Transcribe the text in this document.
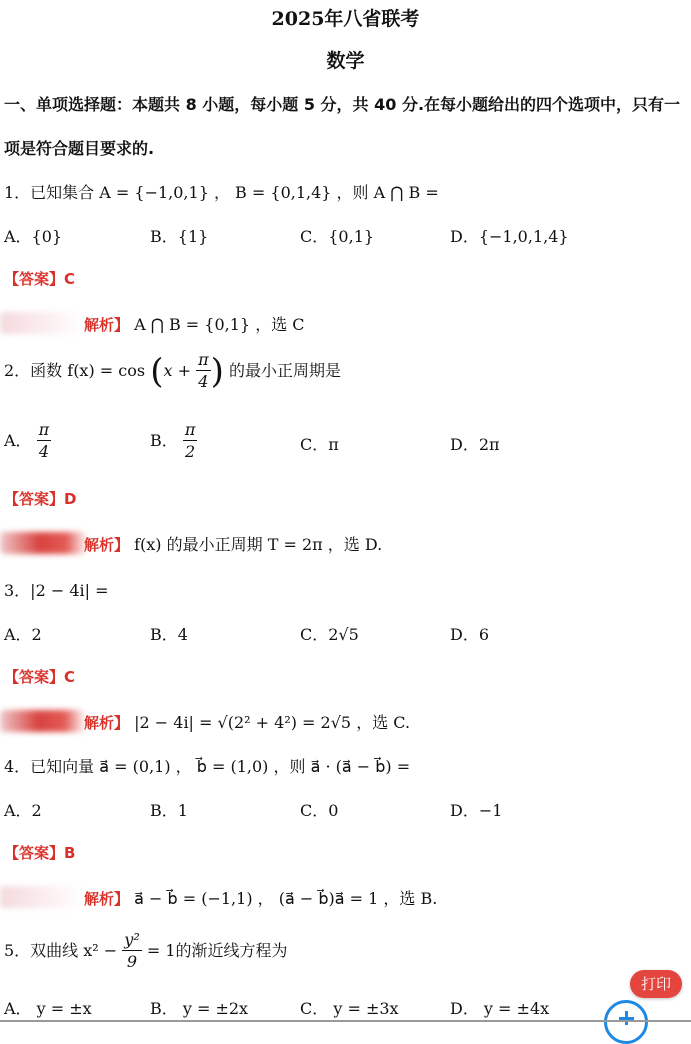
2025年八省联考
数学
一、单项选择题：本题共 8 小题，每小题 5 分，共 40 分.在每小题给出的四个选项中，只有一
项是符合题目要求的.
1．已知集合 A = {−1,0,1} ， B = {0,1,4} ，则 A ⋂ B =
A．{0}	B．{1}	C．{0,1}	D．{−1,0,1,4}
【答案】C
解析】 A ⋂ B = {0,1} ，选 C
2．函数 $f(x) = \cos (x + \frac{\pi}{4}$ ) 的最小正周期是
A． $\frac{\pi}{4}$	B． $\frac{\pi}{2}$	C．π	D．2π
【答案】D
解析】 f(x) 的最小正周期 T = 2π ，选 D.
3．|2 − 4i| =
A．2	B．4	C．2√5	D．6
【答案】C
解析】 |2 − 4i| = √(2² + 4²) = 2√5 ，选 C.
4．已知向量 a⃗ = (0,1) ， b⃗ = (1,0) ，则 a⃗ · (a⃗ − b⃗) =
A．2	B．1	C．0	D．−1
【答案】B
解析】 a⃗ − b⃗ = (−1,1) ， (a⃗ − b⃗)a⃗ = 1 ，选 B.
5．双曲线 $x^2 - \frac{\text{y²}}{9} = 1$的渐近线方程为
A． y = ±x	B． y = ±2x	C． y = ±3x	D． y = ±4x
打印
